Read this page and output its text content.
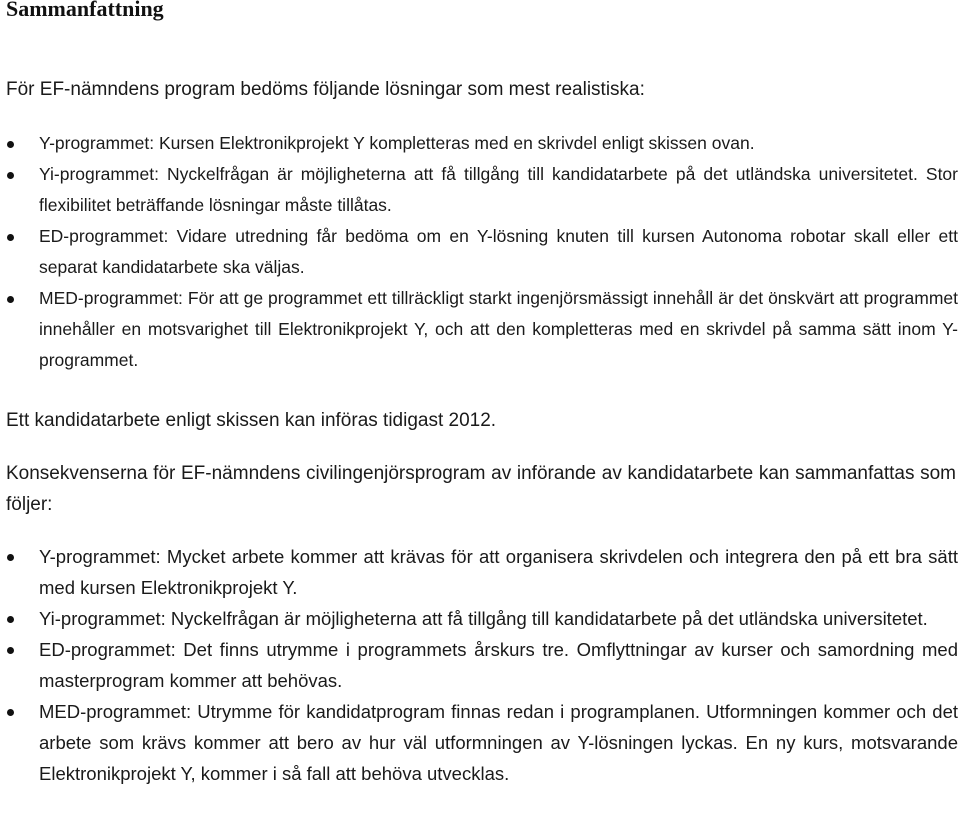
Sammanfattning

För EF-nämndens program bedöms följande lösningar som mest realistiska:

Y-programmet: Kursen Elektronikprojekt Y kompletteras med en skrivdel enligt skissen ovan.
Yi-programmet: Nyckelfrågan är möjligheterna att få tillgång till kandidatarbete på det utländska universitetet. Stor flexibilitet beträffande lösningar måste tillåtas.
ED-programmet: Vidare utredning får bedöma om en Y-lösning knuten till kursen Autonoma robotar skall eller ett separat kandidatarbete ska väljas.
MED-programmet: För att ge programmet ett tillräckligt starkt ingenjörsmässigt innehåll är det önskvärt att programmet innehåller en motsvarighet till Elektronikprojekt Y, och att den kompletteras med en skrivdel på samma sätt inom Y-programmet.

Ett kandidatarbete enligt skissen kan införas tidigast 2012.

Konsekvenserna för EF-nämndens civilingenjörsprogram av införande av kandidatarbete kan sammanfattas som följer:

Y-programmet: Mycket arbete kommer att krävas för att organisera skrivdelen och integrera den på ett bra sätt med kursen Elektronikprojekt Y.
Yi-programmet: Nyckelfrågan är möjligheterna att få tillgång till kandidatarbete på det utländska universitetet.
ED-programmet: Det finns utrymme i programmets årskurs tre. Omflyttningar av kurser och samordning med masterprogram kommer att behövas.
MED-programmet: Utrymme för kandidatprogram finnas redan i programplanen. Utformningen kommer och det arbete som krävs kommer att bero av hur väl utformningen av Y-lösningen lyckas. En ny kurs, motsvarande Elektronikprojekt Y, kommer i så fall att behöva utvecklas.
